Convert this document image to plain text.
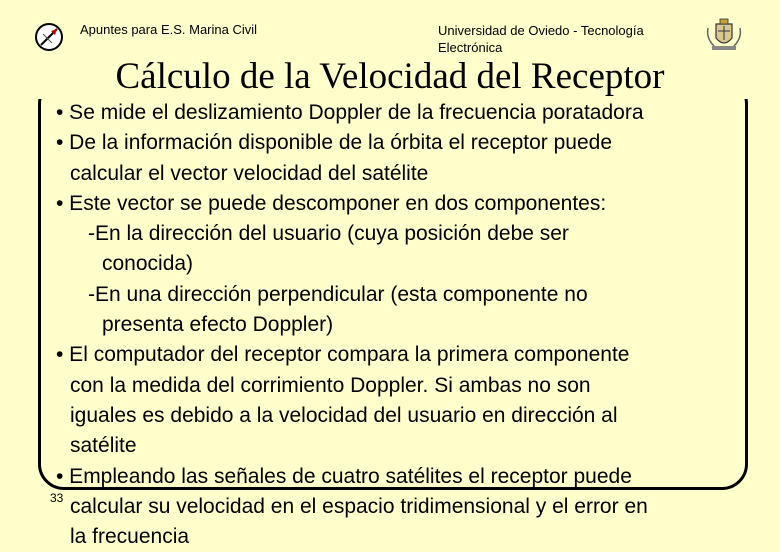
Apuntes para E.S. Marina Civil	Universidad de Oviedo - Tecnología Electrónica
Cálculo de la Velocidad del Receptor
• Se mide el deslizamiento Doppler de la frecuencia poratadora
• De la información disponible de la órbita el receptor puede
calcular el vector velocidad del satélite
• Este vector se puede descomponer en dos componentes:
-En la dirección del usuario (cuya posición debe ser
conocida)
-En una dirección perpendicular (esta componente no
presenta efecto Doppler)
• El computador del receptor compara la primera componente
con la medida del corrimiento Doppler. Si ambas no son
iguales es debido a la velocidad del usuario en dirección al
satélite
• Empleando las señales de cuatro satélites el receptor puede
calcular su velocidad en el espacio tridimensional y el error en
la frecuencia
33
